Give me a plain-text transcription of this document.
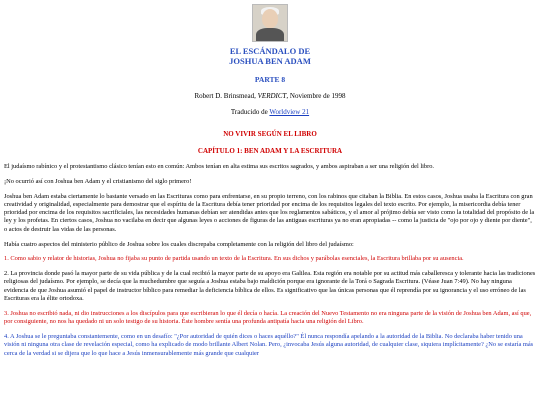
EL ESCÁNDALO DE
JOSHUA BEN ADAM
PARTE 8
Robert D. Brinsmead, VERDICT, Noviembre de 1998
Traducido de Worldview 21
NO VIVIR SEGÚN EL LIBRO
CAPÍTULO 1: BEN ADAM Y LA ESCRITURA

El judaísmo rabínico y el protestantismo clásico tenían esto en común: Ambos tenían en alta estima sus escritos sagrados, y ambos aspiraban a ser una religión del libro.

¡No ocurrió así con Joshua ben Adam y el cristianismo del siglo primero!

Joshua ben Adam estaba ciertamente lo bastante versado en las Escrituras como para enfrentarse, en su propio terreno, con los rabinos que citaban la Biblia. En estos casos, Joshua usaba la Escritura con gran creatividad y originalidad, especialmente para demostrar que el espíritu de la Escritura debía tener prioridad por encima de los requisitos legales del texto escrito. Por ejemplo, la misericordia debía tener prioridad por encima de los requisitos sacrificiales, las necesidades humanas debían ser atendidas antes que los reglamentos sabáticos, y el amor al prójimo debía ser visto como la totalidad del propósito de la ley y los profetas. En ciertos casos, Joshua no vacilaba en decir que algunas leyes o acciones de figuras de las antiguas escrituras ya no eran apropiadas -- como la justicia de "ojo por ojo y diente por diente", o actos de destruir las vidas de las personas.

Había cuatro aspectos del ministerio público de Joshua sobre los cuales discrepaba completamente con la religión del libro del judaísmo:

1. Como sabio y relator de historias, Joshua no fijaba su punto de partida usando un texto de la Escritura. En sus dichos y parábolas esenciales, la Escritura brillaba por su ausencia.

2. La provincia donde pasó la mayor parte de su vida pública y de la cual recibió la mayor parte de su apoyo era Galilea. Esta región era notable por su actitud más caballeresca y tolerante hacia las tradiciones religiosas del judaísmo. Por ejemplo, se decía que la muchedumbre que seguía a Joshua estaba bajo maldición porque era ignorante de la Torá o Sagrada Escritura. (Véase Juan 7:49). No hay ninguna evidencia de que Joshua asumió el papel de instructor bíblico para remediar la deficiencia bíblica de ellos. Es significativo que las únicas personas que él reprendía por su ignorancia y el uso erróneo de las Escrituras era la élite ortodoxa.

3. Joshua no escribió nada, ni dio instrucciones a los discípulos para que escribieran lo que él decía o hacía. La creación del Nuevo Testamento no era ninguna parte de la visión de Joshua ben Adam, así que, por consiguiente, no nos ha quedado ni un solo testigo de su historia. Éste hombre sentía una profunda antipatía hacia una religión del Libro.

4. A Joshua se le preguntaba constantemente, como en un desafío: "¿Por autoridad de quién dices o haces aquéllo?" Él nunca respondía apelando a la autoridad de la Biblia. No declaraba haber tenido una visión ni ninguna otra clase de revelación especial, como ha explicado de modo brillante Albert Nolan. Pero, ¿invocaba Jesús alguna autoridad, de cualquier clase, siquiera implícitamente? ¿No se estaría más cerca de la verdad si se dijera que lo que hace a Jesús inmensurablemente más grande que cualquier
